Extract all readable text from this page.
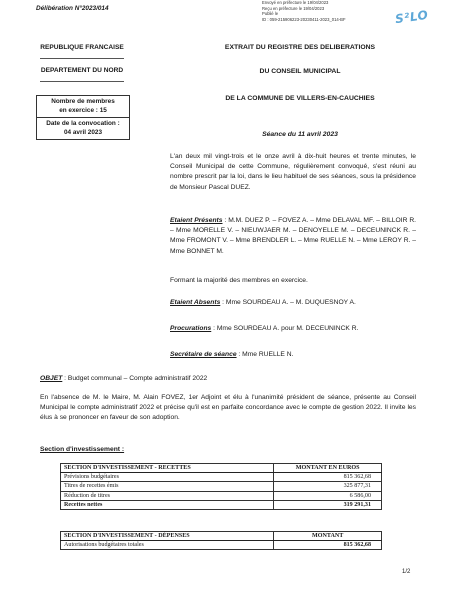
Délibération N°2023/014
Envoyé en préfecture le 19/04/2023
Reçu en préfecture le 19/04/2023
Publié le
ID : 059-215906223-20230411-2023_014-BF	S²LO
REPUBLIQUE FRANCAISE
DEPARTEMENT DU NORD
Nombre de membres
en exercice : 15
Date de la convocation :
04 avril 2023
EXTRAIT DU REGISTRE DES DELIBERATIONS
DU CONSEIL MUNICIPAL
DE LA COMMUNE DE VILLERS-EN-CAUCHIES
Séance du 11 avril 2023
L'an deux mil vingt-trois et le onze avril à dix-huit heures et trente minutes, le Conseil Municipal de cette Commune, régulièrement convoqué, s'est réuni au nombre prescrit par la loi, dans le lieu habituel de ses séances, sous la présidence de Monsieur Pascal DUEZ.
Etaient Présents : M.M. DUEZ P. – FOVEZ A. – Mme DELAVAL MF. – BILLOIR R. – Mme MORELLE V. – NIEUWJAER M. – DENOYELLE M. – DECEUNINCK R. – Mme FROMONT V. – Mme BRENDLER L. – Mme RUELLE N. – Mme LEROY R. – Mme BONNET M.
Formant la majorité des membres en exercice.
Etaient Absents : Mme SOURDEAU A. – M. DUQUESNOY A.
Procurations : Mme SOURDEAU A. pour M. DECEUNINCK R.
Secrétaire de séance : Mme RUELLE N.
OBJET : Budget communal – Compte administratif 2022
En l'absence de M. le Maire, M. Alain FOVEZ, 1er Adjoint et élu à l'unanimité président de séance, présente au Conseil Municipal le compte administratif 2022 et précise qu'il est en parfaite concordance avec le compte de gestion 2022. Il invite les élus à se prononcer en faveur de son adoption.
Section d'investissement :
SECTION D'INVESTISSEMENT - RECETTES	MONTANT EN EUROS
Prévisions budgétaires	815 362,68
Titres de recettes émis	325 877,31
Réduction de titres	6 586,00
Recettes nettes	319 291,31
SECTION D'INVESTISSEMENT - DÉPENSES	MONTANT
Autorisations budgétaires totales	815 362,68
1/2
